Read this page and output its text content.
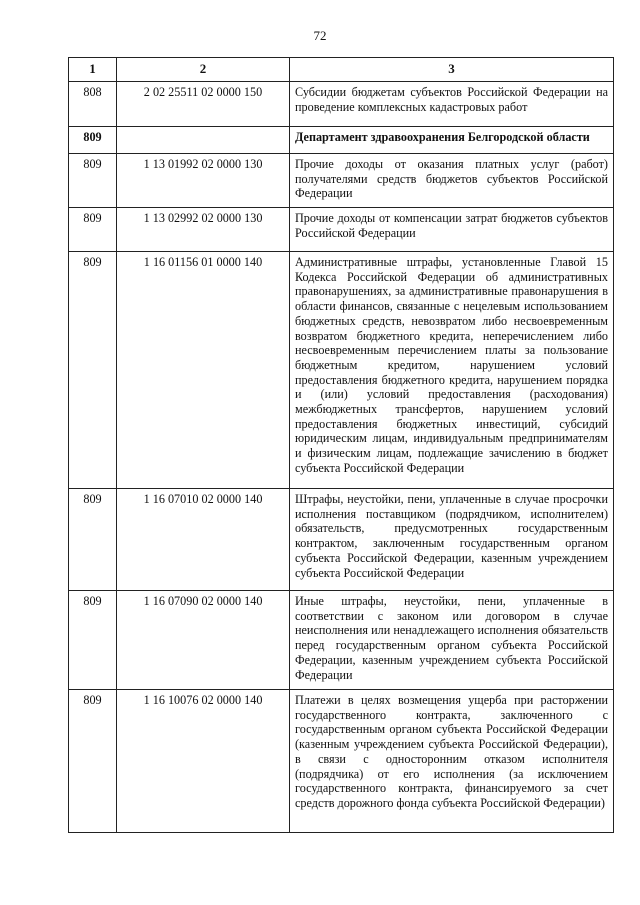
72
1	2	3
808	2 02 25511 02 0000 150	Субсидии бюджетам субъектов Российской Федерации на проведение комплексных кадастровых работ
809		Департамент здравоохранения Белгородской области
809	1 13 01992 02 0000 130	Прочие доходы от оказания платных услуг (работ) получателями средств бюджетов субъектов Российской Федерации
809	1 13 02992 02 0000 130	Прочие доходы от компенсации затрат бюджетов субъектов Российской Федерации
809	1 16 01156 01 0000 140	Административные штрафы, установленные Главой 15 Кодекса Российской Федерации об административных правонарушениях, за административные правонарушения в области финансов, связанные с нецелевым использованием бюджетных средств, невозвратом либо несвоевременным возвратом бюджетного кредита, неперечислением либо несвоевременным перечислением платы за пользование бюджетным кредитом, нарушением условий предоставления бюджетного кредита, нарушением порядка и (или) условий предоставления (расходования) межбюджетных трансфертов, нарушением условий предоставления бюджетных инвестиций, субсидий юридическим лицам, индивидуальным предпринимателям и физическим лицам, подлежащие зачислению в бюджет субъекта Российской Федерации
809	1 16 07010 02 0000 140	Штрафы, неустойки, пени, уплаченные в случае просрочки исполнения поставщиком (подрядчиком, исполнителем) обязательств, предусмотренных государственным контрактом, заключенным государственным органом субъекта Российской Федерации, казенным учреждением субъекта Российской Федерации
809	1 16 07090 02 0000 140	Иные штрафы, неустойки, пени, уплаченные в соответствии с законом или договором в случае неисполнения или ненадлежащего исполнения обязательств перед государственным органом субъекта Российской Федерации, казенным учреждением субъекта Российской Федерации
809	1 16 10076 02 0000 140	Платежи в целях возмещения ущерба при расторжении государственного контракта, заключенного с государственным органом субъекта Российской Федерации (казенным учреждением субъекта Российской Федерации), в связи с односторонним отказом исполнителя (подрядчика) от его исполнения (за исключением государственного контракта, финансируемого за счет средств дорожного фонда субъекта Российской Федерации)
